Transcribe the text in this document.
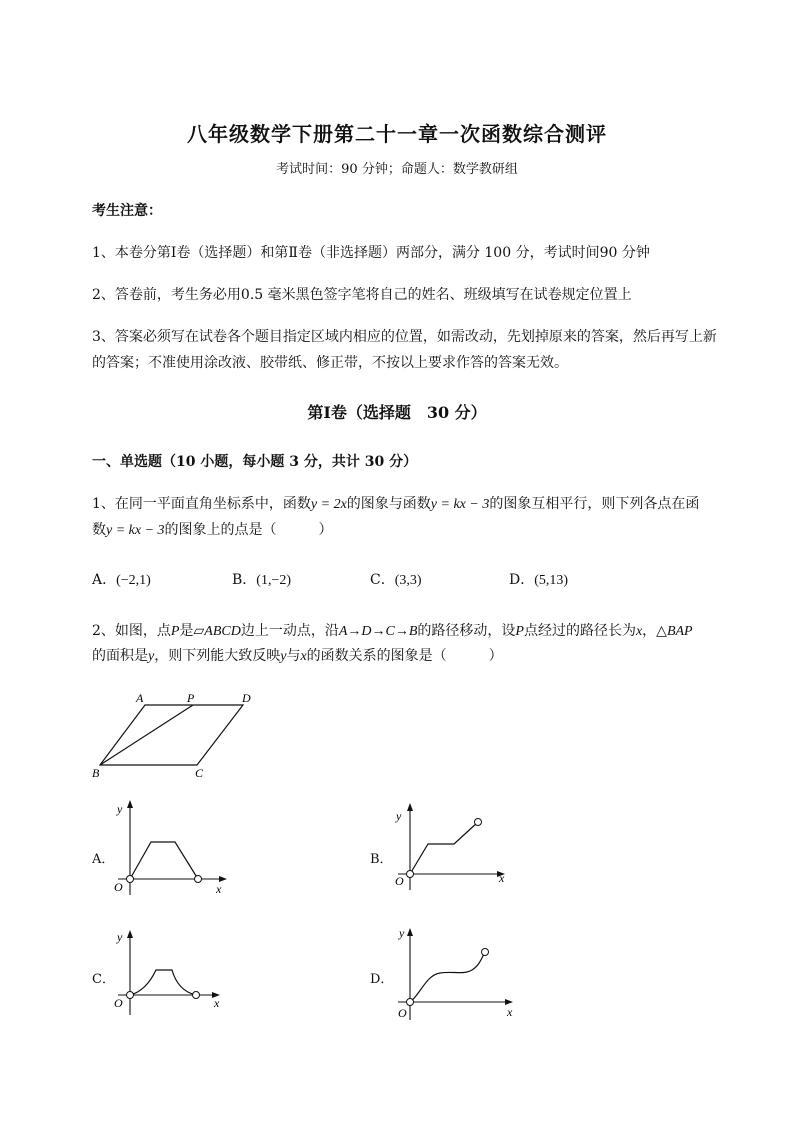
八年级数学下册第二十一章一次函数综合测评
考试时间：90 分钟；命题人：数学教研组
考生注意：
1、本卷分第Ⅰ卷（选择题）和第Ⅱ卷（非选择题）两部分，满分 100 分，考试时间90 分钟
2、答卷前，考生务必用0.5 毫米黑色签字笔将自己的姓名、班级填写在试卷规定位置上
3、答案必须写在试卷各个题目指定区域内相应的位置，如需改动，先划掉原来的答案，然后再写上新
的答案；不准使用涂改液、胶带纸、修正带，不按以上要求作答的答案无效。
第Ⅰ卷（选择题　30 分）
一、单选题（10 小题，每小题 3 分，共计 30 分）
1、在同一平面直角坐标系中，函数y = 2x的图象与函数y = kx − 3的图象互相平行，则下列各点在函
数y = kx − 3的图象上的点是（　　　）
A．(−2,1)	B．(1,−2)	C．(3,3)	D．(5,13)
2、如图，点P是▱ABCD边上一动点，沿A→D→C→B的路径移动，设P点经过的路径长为x，△BAP
的面积是y，则下列能大致反映y与x的函数关系的图象是（　　　）
A	P	D
B	C
A．	B．
C．	D．
y
x
O
y
x
O
y
x
O
y
x
O
